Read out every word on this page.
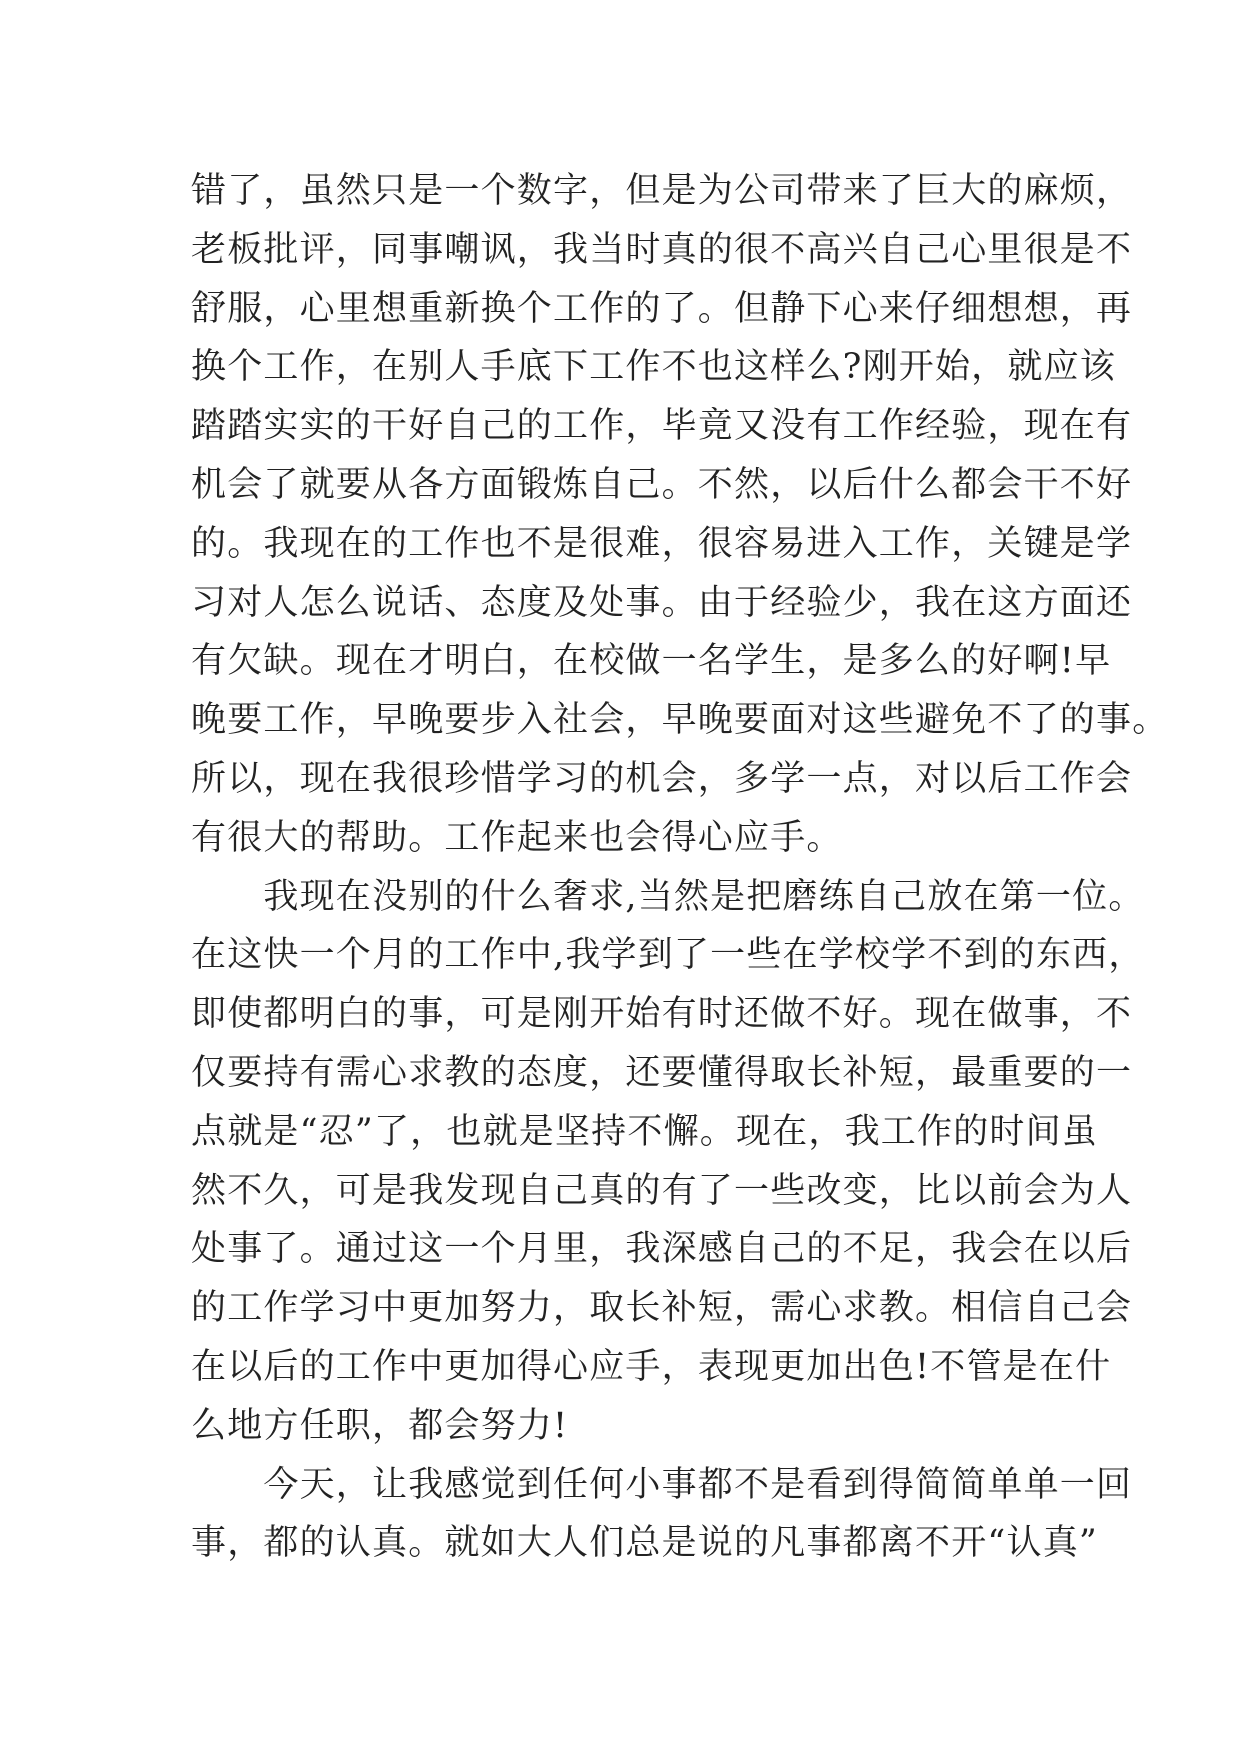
错了，虽然只是一个数字，但是为公司带来了巨大的麻烦，
老板批评，同事嘲讽，我当时真的很不高兴自己心里很是不
舒服，心里想重新换个工作的了。但静下心来仔细想想，再
换个工作，在别人手底下工作不也这样么?刚开始，就应该
踏踏实实的干好自己的工作，毕竟又没有工作经验，现在有
机会了就要从各方面锻炼自己。不然，以后什么都会干不好
的。我现在的工作也不是很难，很容易进入工作，关键是学
习对人怎么说话、态度及处事。由于经验少，我在这方面还
有欠缺。现在才明白，在校做一名学生，是多么的好啊!早
晚要工作，早晚要步入社会，早晚要面对这些避免不了的事。
所以，现在我很珍惜学习的机会，多学一点，对以后工作会
有很大的帮助。工作起来也会得心应手。
　　我现在没别的什么奢求,当然是把磨练自己放在第一位。
在这快一个月的工作中,我学到了一些在学校学不到的东西，
即使都明白的事，可是刚开始有时还做不好。现在做事，不
仅要持有需心求教的态度，还要懂得取长补短，最重要的一
点就是“忍”了，也就是坚持不懈。现在，我工作的时间虽
然不久，可是我发现自己真的有了一些改变，比以前会为人
处事了。通过这一个月里，我深感自己的不足，我会在以后
的工作学习中更加努力，取长补短，需心求教。相信自己会
在以后的工作中更加得心应手，表现更加出色!不管是在什
么地方任职，都会努力!
　　今天，让我感觉到任何小事都不是看到得简简单单一回
事，都的认真。就如大人们总是说的凡事都离不开“认真”
